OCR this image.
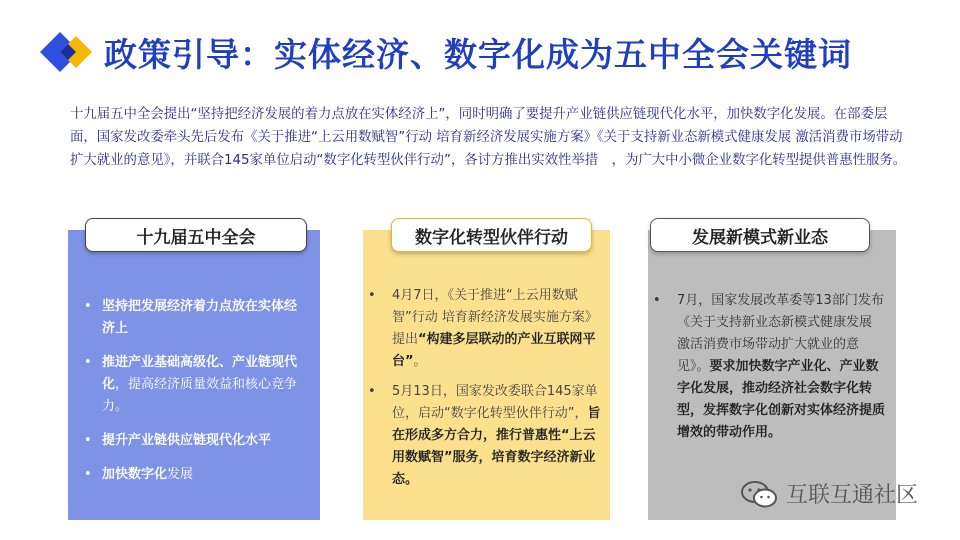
政策引导：实体经济、数字化成为五中全会关键词
十九届五中全会提出“坚持把经济发展的着力点放在实体经济上”，同时明确了要提升产业链供应链现代化水平，加快数字化发展。在部委层面，国家发改委牵头先后发布《关于推进“上云用数赋智”行动 培育新经济发展实施方案》《关于支持新业态新模式健康发展 激活消费市场带动扩大就业的意见》，并联合145家单位启动“数字化转型伙伴行动”，各讨方推出实效性举措　，为广大中小微企业数字化转型提供普惠性服务。
十九届五中全会	数字化转型伙伴行动	发展新模式新业态
• 坚持把发展经济着力点放在实体经济上
• 推进产业基础高级化、产业链现代化，提高经济质量效益和核心竞争力。
• 提升产业链供应链现代化水平
• 加快数字化发展
• 4月7日，《关于推进“上云用数赋智”行动 培育新经济发展实施方案》提出“构建多层联动的产业互联网平台”。
• 5月13日，国家发改委联合145家单位，启动“数字化转型伙伴行动”，旨在形成多方合力，推行普惠性“上云用数赋智”服务，培育数字经济新业态。
• 7月，国家发展改革委等13部门发布《关于支持新业态新模式健康发展 激活消费市场带动扩大就业的意见》。要求加快数字产业化、产业数字化发展，推动经济社会数字化转型，发挥数字化创新对实体经济提质增效的带动作用。
互联互通社区
